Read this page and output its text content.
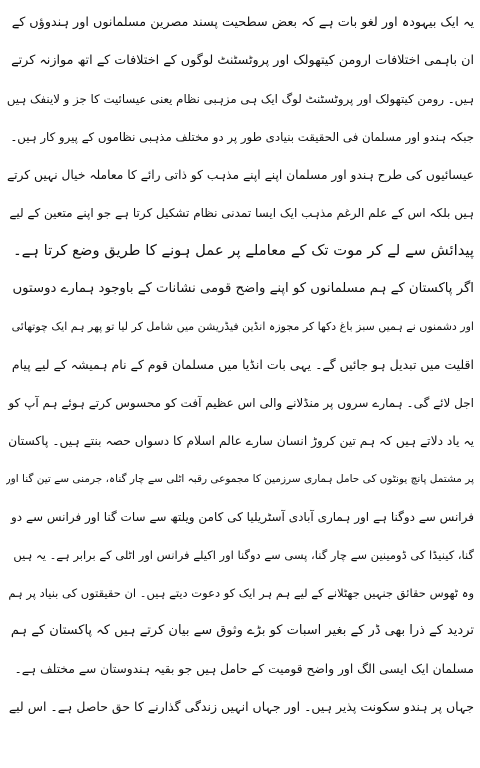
یہ ایک بیہودہ اور لغو بات ہے کہ بعض سطحیت پسند مصرین مسلمانوں اور ہندوؤں کے
ان باہمی اختلافات ارومن کیتھولک اور پروٹسٹنٹ لوگوں کے اختلافات کے اتھ موازنہ کرتے
ہیں۔ رومن کیتھولک اور پروٹسٹنٹ لوگ ایک ہی مزہبی نظام یعنی عیسائیت کا جز و لاینفک ہیں
جبکہ ہندو اور مسلمان فی الحقیقت بنیادی طور پر دو مختلف مذہبی نظاموں کے پیرو کار ہیں۔
عیسائیوں کی طرح ہندو اور مسلمان اپنے اپنے مذہب کو ذاتی رائے کا معاملہ خیال نہیں کرتے
ہیں بلکہ اس کے علم الرغم مذہب ایک ایسا تمدنی نظام تشکیل کرتا ہے جو اپنے متعین کے لیے
پیدائش سے لے کر موت تک کے معاملے پر عمل ہونے کا طریق وضع کرتا ہے۔
اگر پاکستان کے ہم مسلمانوں کو اپنے واضح قومی نشانات کے باوجود ہمارے دوستوں
اور دشمنوں نے ہمیں سبز باغ دکھا کر مجوزہ انڈین فیڈریشن میں شامل کر لیا تو پھر ہم ایک چوتھائی
اقلیت میں تبدیل ہو جائیں گے۔ یہی بات انڈیا میں مسلمان قوم کے نام ہمیشہ کے لیے پیام
اجل لائے گی۔ ہمارے سروں پر منڈلانے والی اس عظیم آفت کو محسوس کرتے ہوئے ہم آپ کو
یہ یاد دلاتے ہیں کہ ہم تین کروڑ انسان سارے عالم اسلام کا دسواں حصہ بنتے ہیں۔ پاکستان
پر مشتمل پانچ یونٹوں کی حامل ہماری سرزمین کا مجموعی رقبہ اٹلی سے چار گناہ، جرمنی سے تین گنا اور
فرانس سے دوگنا ہے اور ہماری آبادی آسٹریلیا کی کامن ویلتھ سے سات گنا اور فرانس سے دو
گنا، کینیڈا کی ڈومینین سے چار گنا، پسی سے دوگنا اور اکیلے فرانس اور اٹلی کے برابر ہے۔ یہ ہیں
وہ ٹھوس حقائق جنہیں جھٹلانے کے لیے ہم ہر ایک کو دعوت دیتے ہیں۔ ان حقیقتوں کی بنیاد پر ہم
تردید کے ذرا بھی ڈر کے بغیر اسبات کو بڑے وثوق سے بیان کرتے ہیں کہ پاکستان کے ہم
مسلمان ایک ایسی الگ اور واضح قومیت کے حامل ہیں جو بقیہ ہندوستان سے مختلف ہے۔
جہاں پر ہندو سکونت پذیر ہیں۔ اور جہاں انہیں زندگی گذارنے کا حق حاصل ہے۔ اس لیے
